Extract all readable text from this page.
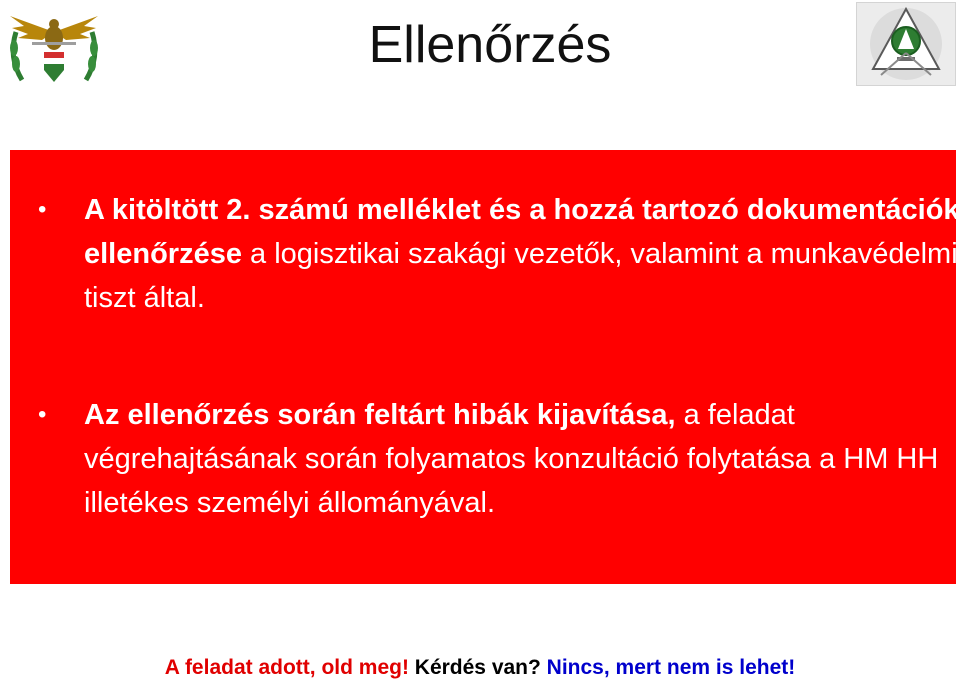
Ellenőrzés
• A kitöltött 2. számú melléklet és a hozzá tartozó dokumentációk ellenőrzése a logisztikai szakági vezetők, valamint a munkavédelmi tiszt által.
• Az ellenőrzés során feltárt hibák kijavítása, a feladat végrehajtásának során folyamatos konzultáció folytatása a HM HH illetékes személyi állományával.
A feladat adott, old meg! Kérdés van? Nincs, mert nem is lehet!
